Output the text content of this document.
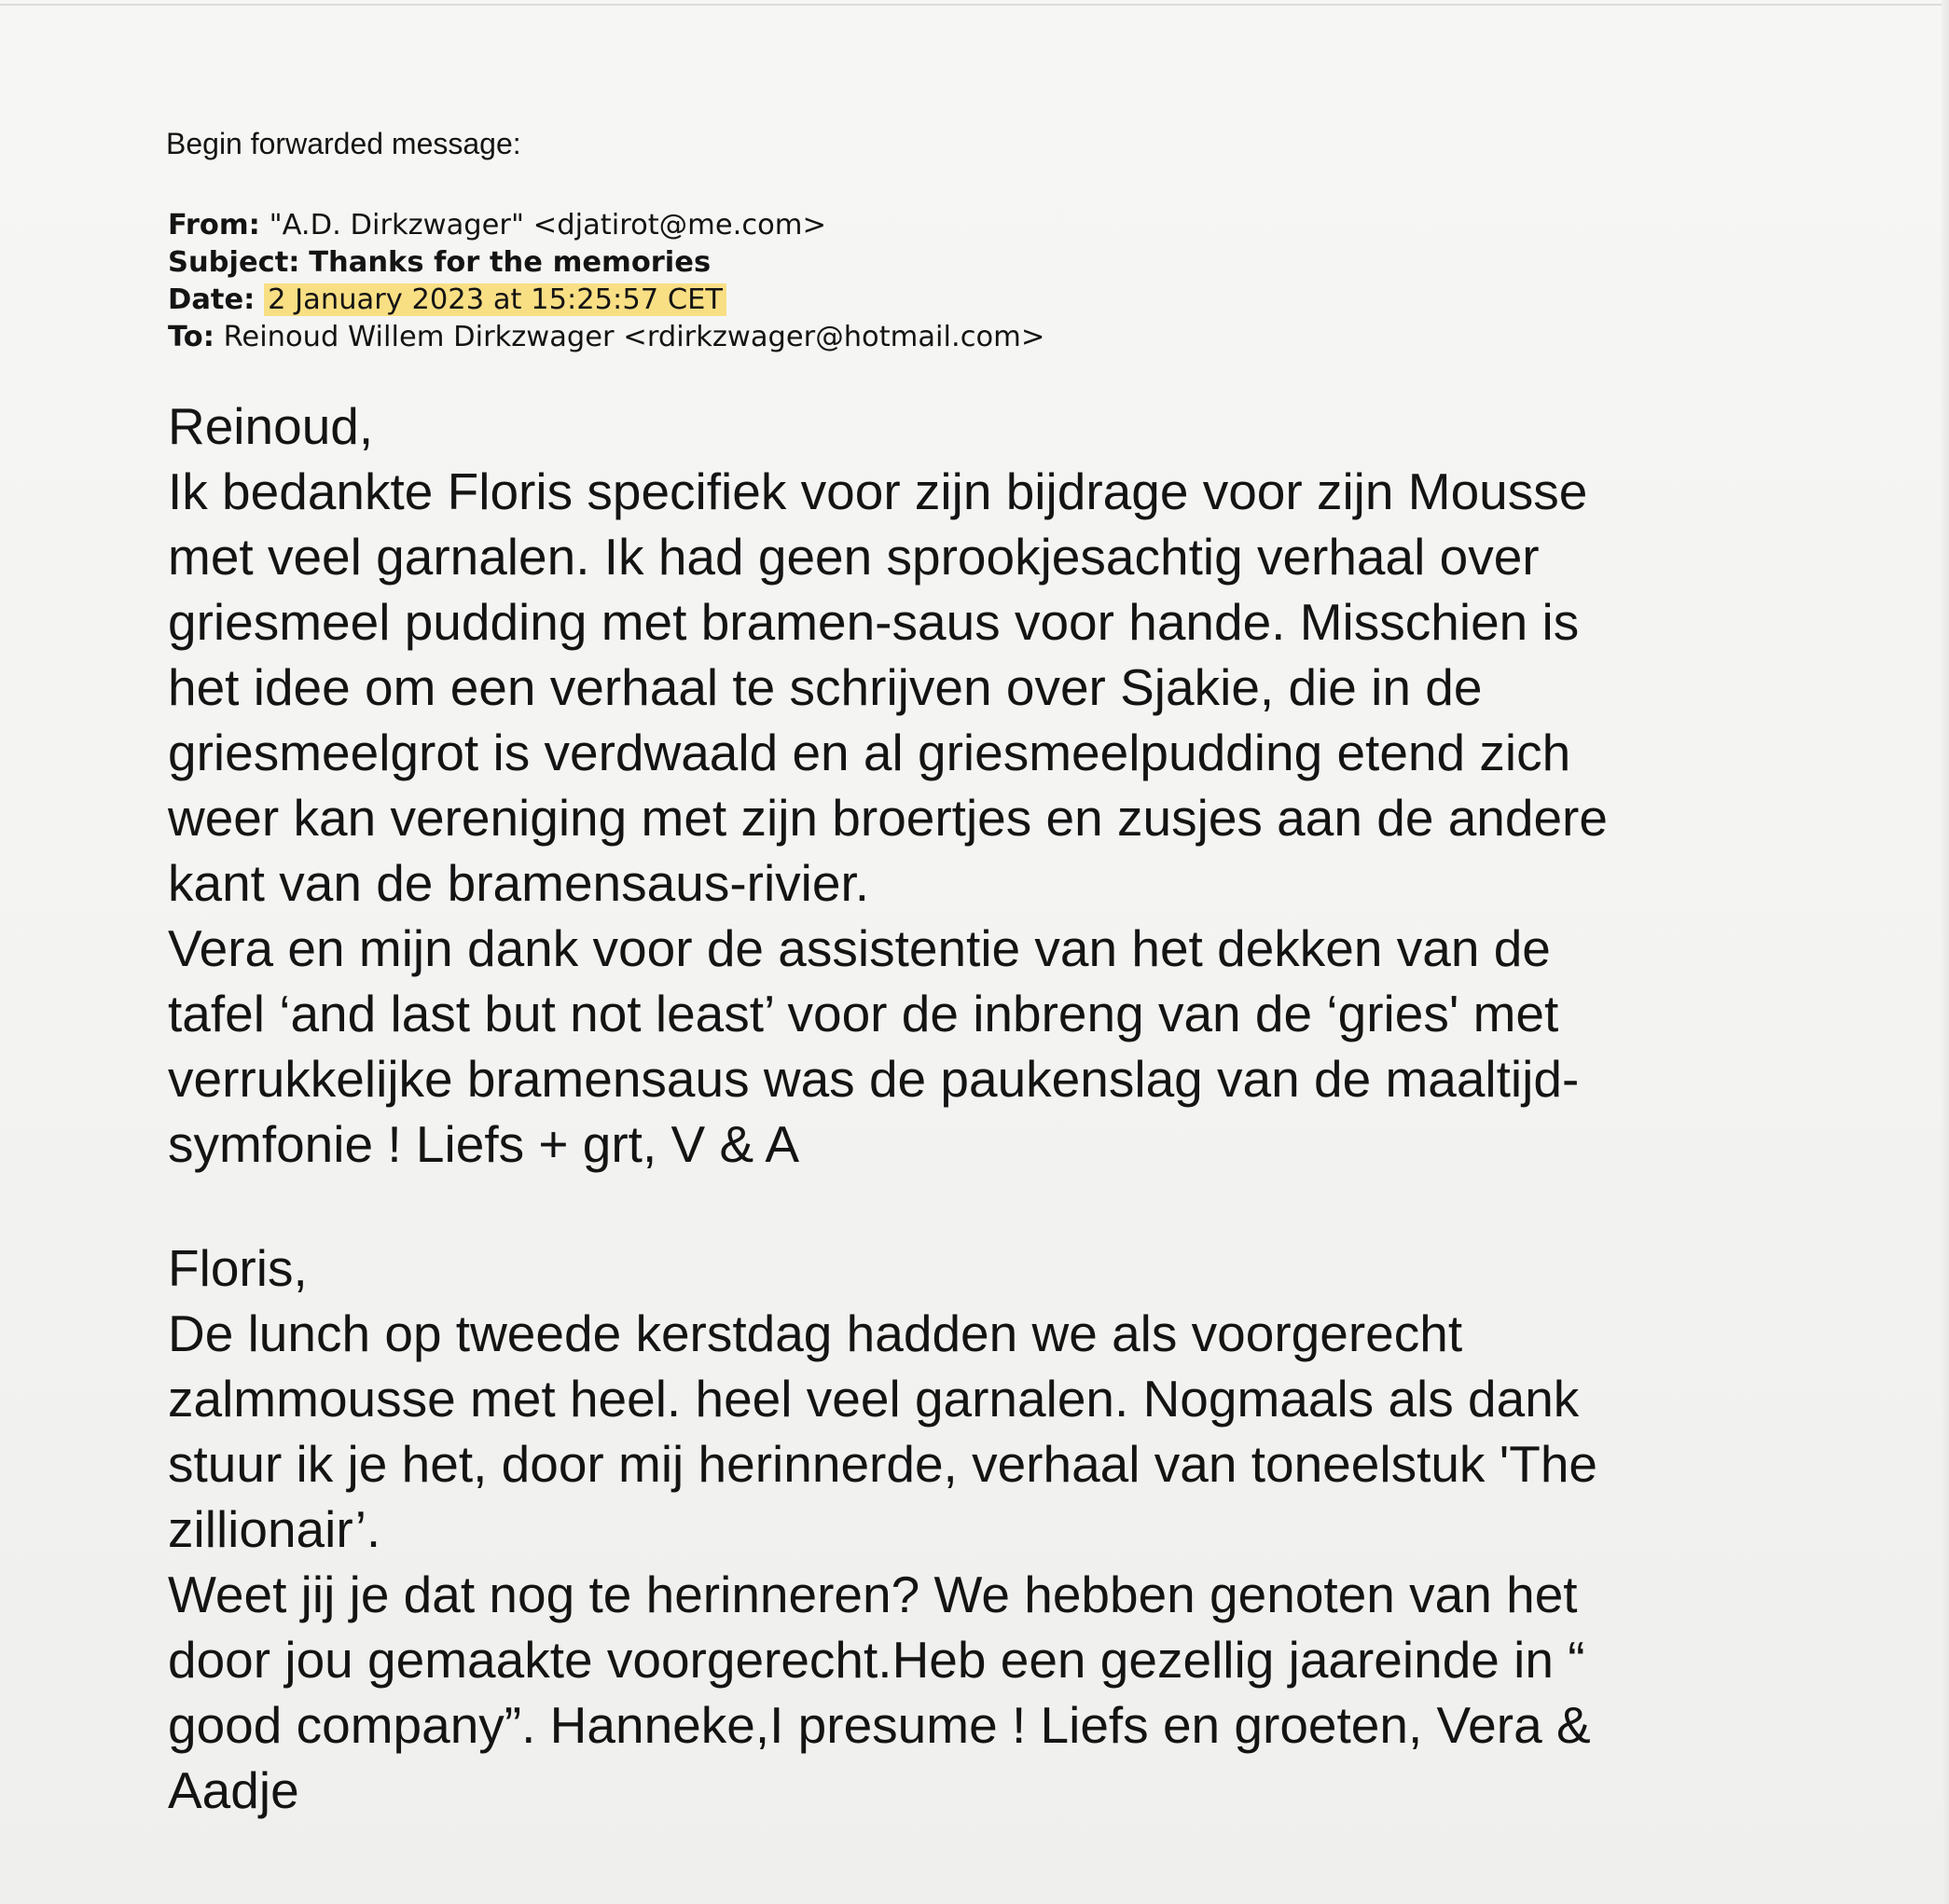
Begin forwarded message:
From: "A.D. Dirkzwager" <djatirot@me.com>
Subject: Thanks for the memories
Date: 2 January 2023 at 15:25:57 CET
To: Reinoud Willem Dirkzwager <rdirkzwager@hotmail.com>
Reinoud,
Ik bedankte Floris specifiek voor zijn bijdrage voor zijn Mousse
met veel garnalen. Ik had geen sprookjesachtig verhaal over
griesmeel pudding met bramen-saus voor hande. Misschien is
het idee om een verhaal te schrijven over Sjakie, die in de
griesmeelgrot is verdwaald en al griesmeelpudding etend zich
weer kan vereniging met zijn broertjes en zusjes aan de andere
kant van de bramensaus-rivier.
Vera en mijn dank voor de assistentie van het dekken van de
tafel ‘and last but not least’ voor de inbreng van de ‘gries' met
verrukkelijke bramensaus was de paukenslag van de maaltijd-
symfonie ! Liefs + grt, V & A
Floris,
De lunch op tweede kerstdag hadden we als voorgerecht
zalmmousse met heel. heel veel garnalen. Nogmaals als dank
stuur ik je het, door mij herinnerde, verhaal van toneelstuk 'The
zillionair’.
Weet jij je dat nog te herinneren? We hebben genoten van het
door jou gemaakte voorgerecht.Heb een gezellig jaareinde in “
good company”. Hanneke,I presume ! Liefs en groeten, Vera &
Aadje
